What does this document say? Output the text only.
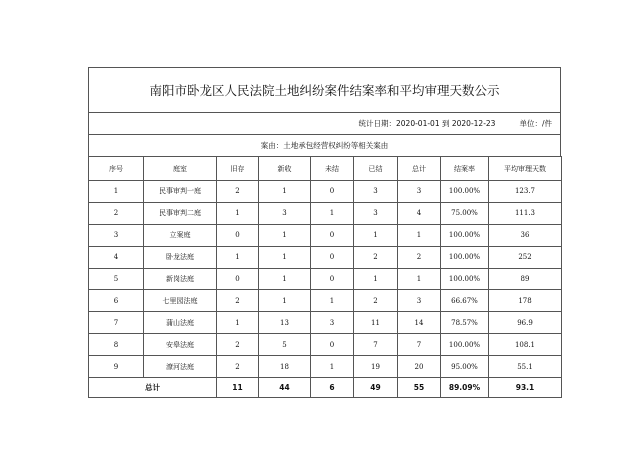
南阳市卧龙区人民法院土地纠纷案件结案率和平均审理天数公示
统计日期：2020-01-01 到 2020-12-23	单位：/件
案由：土地承包经营权纠纷等相关案由
序号	庭室	旧存	新收	未结	已结	总计	结案率	平均审理天数
1	民事审判一庭	2	1	0	3	3	100.00%	123.7
2	民事审判二庭	1	3	1	3	4	75.00%	111.3
3	立案庭	0	1	0	1	1	100.00%	36
4	卧龙法庭	1	1	0	2	2	100.00%	252
5	新岗法庭	0	1	0	1	1	100.00%	89
6	七里园法庭	2	1	1	2	3	66.67%	178
7	蒲山法庭	1	13	3	11	14	78.57%	96.9
8	安皋法庭	2	5	0	7	7	100.00%	108.1
9	潦河法庭	2	18	1	19	20	95.00%	55.1
总计		11	44	6	49	55	89.09%	93.1
